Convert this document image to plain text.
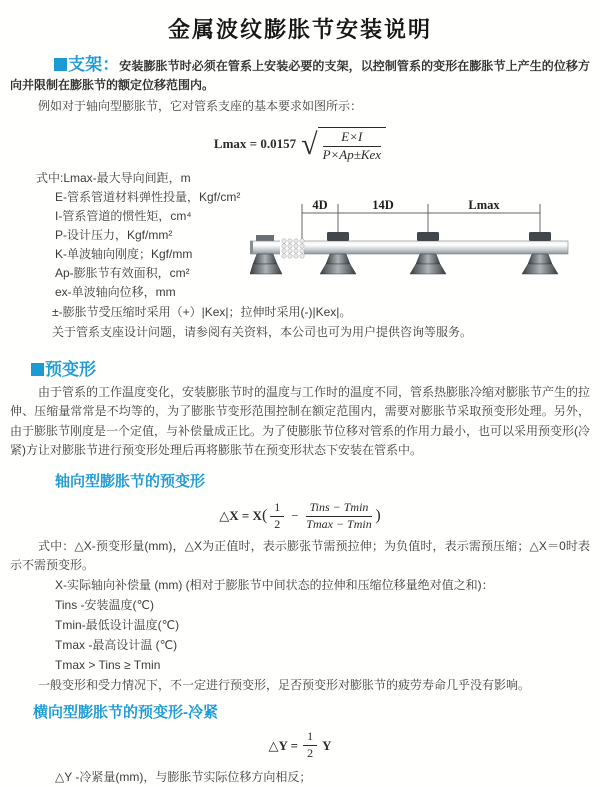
金属波纹膨胀节安装说明

支架：安装膨胀节时必须在管系上安装必要的支架，以控制管系的变形在膨胀节上产生的位移方向并限制在膨胀节的额定位移范围内。

例如对于轴向型膨胀节，它对管系支座的基本要求如图所示：

Lmax = 0.0157 √ $\frac{E\times I}{\text{P×Ap±Kex}}$
式中:Lmax-最大导向间距，m
E-管系管道材料弹性投量，Kgf/cm²
I-管系管道的惯性矩，cm⁴
P-设计压力，Kgf/mm²
K-单波轴向刚度；Kgf/mm
Ap-膨胀节有效面积，cm²
ex-单波轴向位移，mm
4D	14D	Lmax
±-膨胀节受压缩时采用（+）|Kex|；拉伸时采用(-)|Kex|。
关于管系支座设计问题，请参阅有关资料，本公司也可为用户提供咨询等服务。
预变形

由于管系的工作温度变化，安装膨胀节时的温度与工作时的温度不同，管系热膨胀冷缩对膨胀节产生的拉伸、压缩量常常是不均等的，为了膨胀节变形范围控制在额定范围内，需要对膨胀节采取预变形处理。另外，由于膨胀节刚度是一个定值，与补偿量成正比。为了使膨胀节位移对管系的作用力最小，也可以采用预变形(冷紧)方让对膨胀节进行预变形处理后再将膨胀节在预变形状态下安装在管系中。

轴向型膨胀节的预变形
△X = X ( $\frac{1}{2} - \frac{\text{Tins − Tmin}}{Tmax - Tmin}$ )

式中：△X-预变形量(mm)，△X为正值时，表示膨张节需预拉伸；为负值时，表示需预压缩；△X＝0时表示不需预变形。

X-实际轴向补偿量 (mm) (相对于膨胀节中间状态的拉伸和压缩位移量绝对值之和)：
Tins -安装温度(℃)
Tmin-最低设计温度(℃)
Tmax -最高设计温 (℃)
Tmax > Tins ≥ Tmin

一般变形和受力情况下，不一定进行预变形，足否预变形对膨胀节的疲劳寿命几乎没有影响。

横向型膨胀节的预变形-冷紧
△Y = $\frac{1}{2}$ Y
△Y -冷紧量(mm)，与膨胀节实际位移方向相反；
